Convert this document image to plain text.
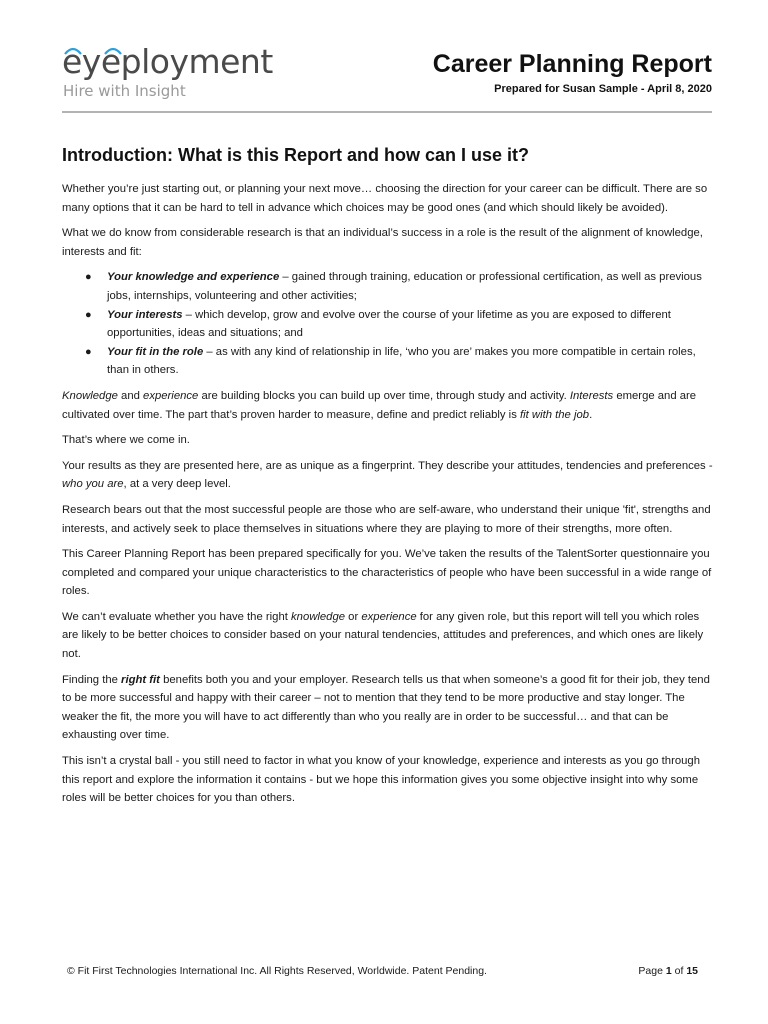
eyeployment
Hire with Insight
Career Planning Report
Prepared for Susan Sample - April 8, 2020
Introduction: What is this Report and how can I use it?

Whether you’re just starting out, or planning your next move… choosing the direction for your career can be difficult. There are so many options that it can be hard to tell in advance which choices may be good ones (and which should likely be avoided).

What we do know from considerable research is that an individual’s success in a role is the result of the alignment of knowledge, interests and fit:

● Your knowledge and experience – gained through training, education or professional certification, as well as previous jobs, internships, volunteering and other activities;
● Your interests – which develop, grow and evolve over the course of your lifetime as you are exposed to different opportunities, ideas and situations; and
● Your fit in the role – as with any kind of relationship in life, ‘who you are’ makes you more compatible in certain roles, than in others.

Knowledge and experience are building blocks you can build up over time, through study and activity. Interests emerge and are cultivated over time. The part that’s proven harder to measure, define and predict reliably is fit with the job.

That’s where we come in.

Your results as they are presented here, are as unique as a fingerprint. They describe your attitudes, tendencies and preferences - who you are, at a very deep level.

Research bears out that the most successful people are those who are self-aware, who understand their unique 'fit', strengths and interests, and actively seek to place themselves in situations where they are playing to more of their strengths, more often.

This Career Planning Report has been prepared specifically for you. We’ve taken the results of the TalentSorter questionnaire you completed and compared your unique characteristics to the characteristics of people who have been successful in a wide range of roles.

We can’t evaluate whether you have the right knowledge or experience for any given role, but this report will tell you which roles are likely to be better choices to consider based on your natural tendencies, attitudes and preferences, and which ones are likely not.

Finding the right fit benefits both you and your employer. Research tells us that when someone’s a good fit for their job, they tend to be more successful and happy with their career – not to mention that they tend to be more productive and stay longer. The weaker the fit, the more you will have to act differently than who you really are in order to be successful… and that can be exhausting over time.

This isn’t a crystal ball - you still need to factor in what you know of your knowledge, experience and interests as you go through this report and explore the information it contains - but we hope this information gives you some objective insight into why some roles will be better choices for you than others.

© Fit First Technologies International Inc. All Rights Reserved, Worldwide. Patent Pending.	Page 1 of 15
